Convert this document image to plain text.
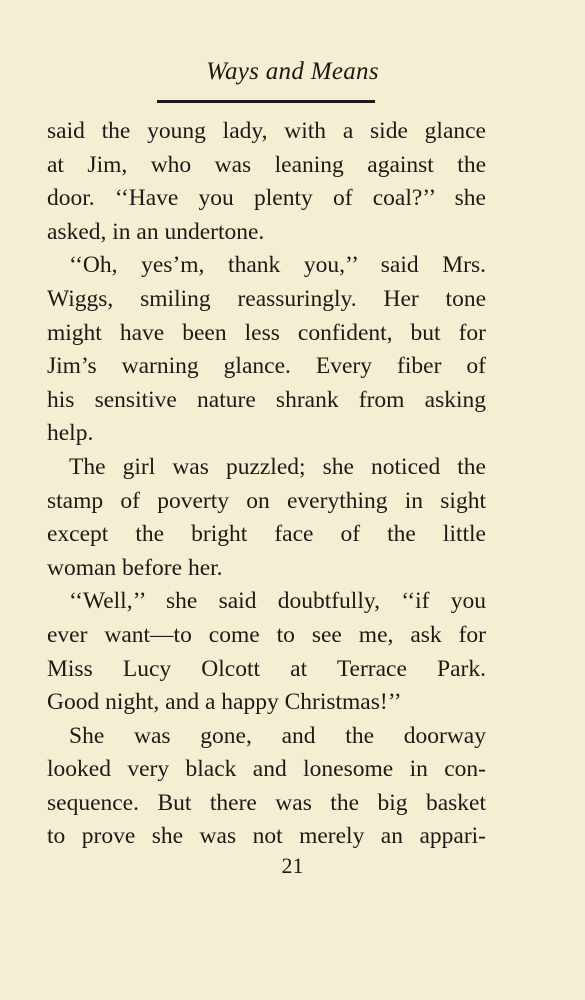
Ways and Means
said the young lady, with a side glance
at Jim, who was leaning against the
door. ‘‘Have you plenty of coal?’’ she
asked, in an undertone.
‘‘Oh, yes’m, thank you,’’ said Mrs.
Wiggs, smiling reassuringly. Her tone
might have been less confident, but for
Jim’s warning glance. Every fiber of
his sensitive nature shrank from asking
help.
The girl was puzzled; she noticed the
stamp of poverty on everything in sight
except the bright face of the little
woman before her.
‘‘Well,’’ she said doubtfully, ‘‘if you
ever want—to come to see me, ask for
Miss Lucy Olcott at Terrace Park.
Good night, and a happy Christmas!’’
She was gone, and the doorway
looked very black and lonesome in con-
sequence. But there was the big basket
to prove she was not merely an appari-
21
